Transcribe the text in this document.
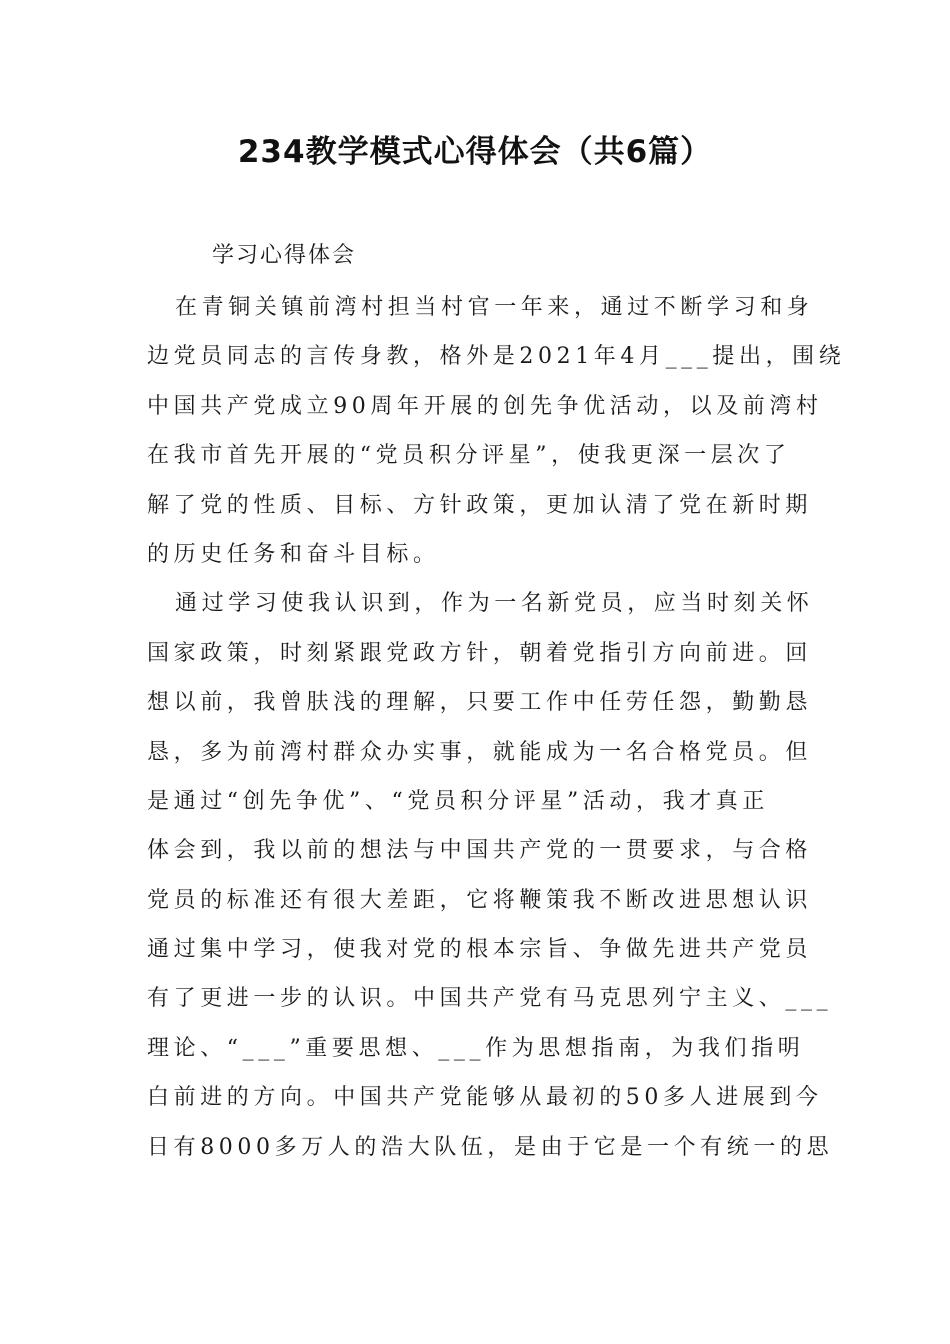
234教学模式心得体会（共6篇）
学习心得体会
在青铜关镇前湾村担当村官一年来，通过不断学习和身
边党员同志的言传身教，格外是2021年4月___提出，围绕
中国共产党成立90周年开展的创先争优活动，以及前湾村
在我市首先开展的“党员积分评星”，使我更深一层次了
解了党的性质、目标、方针政策，更加认清了党在新时期
的历史任务和奋斗目标。
通过学习使我认识到，作为一名新党员，应当时刻关怀
国家政策，时刻紧跟党政方针，朝着党指引方向前进。回
想以前，我曾肤浅的理解，只要工作中任劳任怨，勤勤恳
恳，多为前湾村群众办实事，就能成为一名合格党员。但
是通过“创先争优”、“党员积分评星”活动，我才真正
体会到，我以前的想法与中国共产党的一贯要求，与合格
党员的标准还有很大差距，它将鞭策我不断改进思想认识
通过集中学习，使我对党的根本宗旨、争做先进共产党员
有了更进一步的认识。中国共产党有马克思列宁主义、___
理论、“___”重要思想、___作为思想指南，为我们指明
白前进的方向。中国共产党能够从最初的50多人进展到今
日有8000多万人的浩大队伍，是由于它是一个有统一的思
